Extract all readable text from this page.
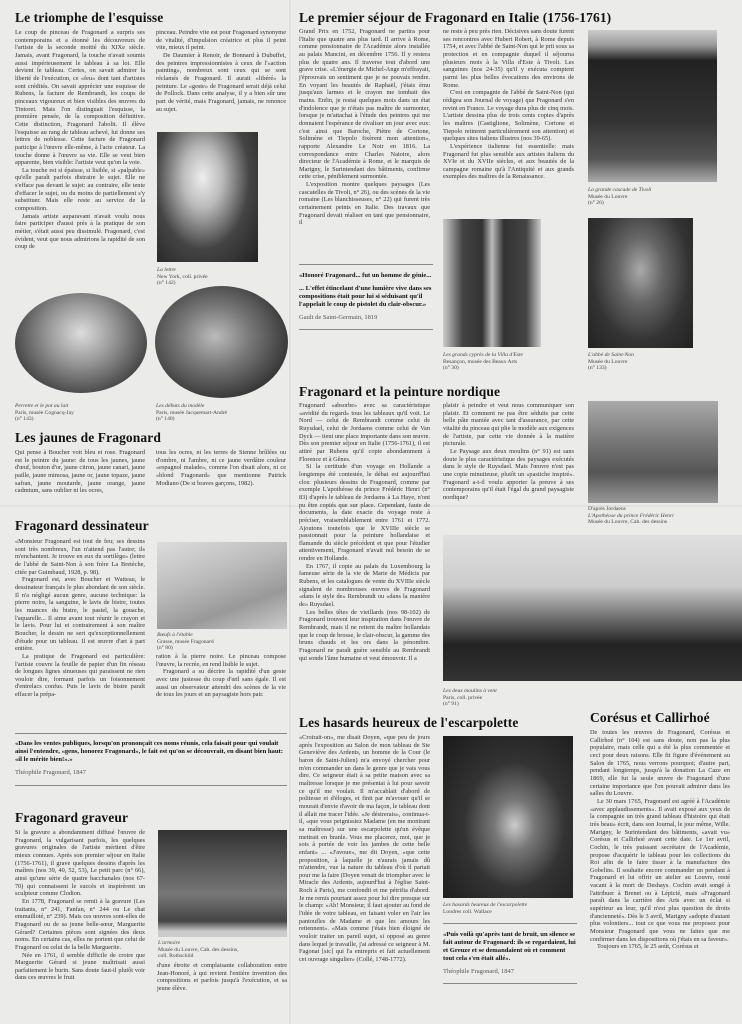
Le triomphe de l'esquisse

Le coup de pinceau de Fragonard a surpris ses contemporains et a étonné les découvreurs de l'artiste de la seconde moitié du XIXe siècle. Jamais, avant Fragonard, la touche n'avait soumis aussi impérieusement le tableau à sa loi. Elle devient le tableau. Certes, on savait admirer la liberté de l'exécution, ce «feu» dont tant d'artistes sont crédités. On savait apprécier une esquisse de Rubens, la facture de Rembrandt, les coups de pinceaux vigoureux et bien visibles des œuvres du Tintoret. Mais l'on distinguait l'esquisse, la première pensée, de la composition définitive. Cette distinction, Fragonard l'abolit. Il élève l'esquisse au rang de tableau achevé, lui donne ses lettres de noblesse. Cette facture de Fragonard participe à l'œuvre elle-même, à l'acte créateur. La touche donne à l'œuvre sa vie. Elle se veut bien apparente, bien visible: l'artiste veut qu'on la voie.

La touche est si épaisse, si lisible, si «palpable» qu'elle paraît parfois distraire le sujet. Elle ne s'efface pas devant le sujet: au contraire, elle tente d'effacer le sujet, ou du moins de partiellement s'y substituer. Mais elle reste au service de la composition.

Jamais artiste auparavant n'avait voulu nous faire participer d'aussi près à la pratique de son métier, s'était aussi peu dissimulé. Fragonard, c'est évident, veut que nous admirions la rapidité de son coup de

pinceau. Peindre vite est pour Fragonard synonyme de vitalité, d'impulsion créatrice et plus il peint vite, mieux il peint.

De Daumier à Renoir, de Bonnard à Dubuffet, des peintres impressionnistes à ceux de l'«action painting», nombreux sont ceux qui se sont réclamés de Fragonard. Il aurait «libéré» la peinture. Le «geste» de Fragonard serait déjà celui de Pollock. Dans cette analyse, il y a bien sûr une part de vérité, mais Fragonard, jamais, ne renonce au sujet.

La lettre
New York, coll. privée
(n° 142)
Perrette et le pot au lait
Paris, musée Cognacq-Jay
(n° 143)
Les débuts du modèle
Paris, musée Jacquemart-André
(n° 140)
Les jaunes de Fragonard

Qui pense à Boucher voit bleu et rose. Fragonard est le peintre du jaune: de tous les jaunes, jaune d'œuf, bouton d'or, jaune citron, jaune canari, jaune paille, jaune mimosa, jaune or, jaune topaze, jaune safran, jaune moutarde, jaune orange, jaune cadmium, sans oublier ni les ocres,

tous les ocres, ni les terres de Sienne brûlées ou d'ombre, ni l'ambre, ni ce jaune verdâtre couleur «espagnol malade», comme l'on disait alors, ni ce «blond Fragonard» que mentionne Patrick Modiano (De si braves garçons, 1982).

Fragonard dessinateur

«Monsieur Fragonard est tout de feu; ses dessins sont très nombreux, l'un n'attend pas l'autre; ils m'enchantent. Je trouve en eux du sortilège» (lettre de l'abbé de Saint-Non à son frère La Bretèche, citée par Guimbaud, 1928, p. 98).

Fragonard est, avec Boucher et Watteau, le dessinateur français le plus abondant de son siècle. Il n'a négligé aucun genre, aucune technique: la pierre noire, la sanguine, le lavis de bistre, toutes les nuances du bistre, le pastel, la gouache, l'aquarelle... Il aime avant tout réunir le crayon et le lavis. Pour lui et contrairement à son maître Boucher, le dessin ne sert qu'exceptionnellement d'étude pour un tableau. Il est œuvre d'art à part entière.

La pratique de Fragonard est particulière: l'artiste couvre la feuille de papier d'un fin réseau de longues lignes sinueuses qui paraissent ne rien vouloir dire, formant parfois un foisonnement d'entrelacs confus. Puis le lavis de bistre paraît effacer la prépa-

Bœufs à l'étable
Grasse, musée Fragonard
(n° 80)

ration à la pierre noire. Le pinceau compose l'œuvre, la recrée, en rend lisible le sujet.

Fragonard a su décrire la rapidité d'un geste avec une justesse du coup d'œil sans égale. Il est aussi un observateur attendri des scènes de la vie de tous les jours et un paysagiste hors pair.

«Dans les ventes publiques, lorsqu'on prononçait ces noms réunis, cela faisait pour qui voulait ainsi l'entendre, «gens, honorez Fragonard», le fait est qu'on se découvrait, en disant bien haut: «il le mérite bien!».»

Théophile Fragonard, 1847
Fragonard graveur

Si la gravure a abondamment diffusé l'œuvre de Fragonard, la vulgarisant parfois, les quelques gravures originales de l'artiste méritent d'être mieux connues. Après son premier séjour en Italie (1756-1761), il grave quelques dessins d'après les maîtres (nos 39, 40, 52, 53), Le petit parc (n° 66), ainsi qu'une série de quatre bacchanales (nos 67-70) qui connaissent le succès et inspirèrent un sculpteur comme Clodion.

En 1778, Fragonard se remit à la gravure (Les traitants, n° 241, Fanfan, n° 244 ou Le chat emmailloté, n° 239). Mais ces œuvres sont-elles de Fragonard ou de sa jeune belle-sœur, Marguerite Gérard? Certaines pièces sont signées des deux noms. En certains cas, elles ne portent que celui de Fragonard ou celui de la belle Marguerite.

Née en 1761, il semble difficile de croire que Marguerite Gérard si jeune maîtrisait aussi parfaitement le burin. Sans doute faut-il plutôt voir dans ces œuvres le fruit

L'armoire
Musée du Louvre, Cab. des dessins,
coll. Rothschild

d'une étroite et complaisante collaboration entre Jean-Honoré, à qui revient l'entière invention des compositions et parfois jusqu'à l'exécution, et sa jeune élève.

Le premier séjour de Fragonard en Italie (1756-1761)

Grand Prix en 1752, Fragonard ne partira pour l'Italie que quatre ans plus tard. Il arrive à Rome, comme pensionnaire de l'Académie alors installée au palais Mancini, en décembre 1756. Il y restera plus de quatre ans. Il traverse tout d'abord une grave crise. «L'énergie de Michel-Ange m'effrayait, j'éprouvais un sentiment que je ne pouvais rendre. En voyant les beautés de Raphaël, j'étais ému jusqu'aux larmes et le crayon me tombait des mains. Enfin, je restai quelques mois dans un état d'indolence que je n'étais pas maître de surmonter, lorsque je m'attachai à l'étude des peintres qui me donnaient l'espérance de rivaliser un jour avec eux: c'est ainsi que Baroche, Piètre de Cortone, Solimène et Tiepolo fixèrent mon attention», rapporte Alexandre Le Noir en 1816. La correspondance entre Charles Natoire, alors directeur de l'Académie à Rome, et le marquis de Marigny, le Surintendant des bâtiments, confirme cette crise, péniblement surmontée.

L'exposition montre quelques paysages (Les cascatelles de Tivoli, n° 26), ou des scènes de la vie romaine (Les blanchisseuses, n° 22) qui furent très certainement peints en Italie. Des travaux que Fragonard devait réaliser en tant que pensionnaire, il

ne reste à peu près rien. Décisives sans doute furent ses rencontres avec Hubert Robert, à Rome depuis 1754, et avec l'abbé de Saint-Non qui le prit sous sa protection et en compagnie duquel il séjourna plusieurs mois à la Villa d'Este à Tivoli. Les sanguines (nos 24-35) qu'il y exécuta comptent parmi les plus belles évocations des environs de Rome.

C'est en compagnie de l'abbé de Saint-Non (qui rédigea son Journal de voyage) que Fragonard s'en revint en France. Le voyage dura plus de cinq mois. L'artiste dessina plus de trois cents copies d'après les maîtres (Castiglione, Solimène, Cortone et Tiepolo retinrent particulièrement son attention) et quelques sites italiens illustres (nos 39-65).

L'expérience italienne fut essentielle: mais Fragonard fut plus sensible aux artistes italiens du XVIe et du XVIIe siècles, et aux beautés de la campagne romaine qu'à l'Antiquité et aux grands exemples des maîtres de la Renaissance.

«Honoré Fragonard... fut un homme de génie...

... L'effet étincelant d'une lumière vive dans ses compositions était pour lui si séduisant qu'il l'appelait le coup de pistolet du clair-obscur.»

Gault de Saint-Germain, 1819
Les grands cyprès de la Villa d'Este
Besançon, musée des Beaux Arts
(n° 30)
La grande cascade de Tivoli
Musée du Louvre
(n° 26)
L'abbé de Saint-Non
Musée du Louvre
(n° 133)
Fragonard et la peinture nordique

Fragonard «absorbe» avec sa caractéristique «avidité du regard» tous les tableaux qu'il voit. Le Nord — celui de Rembrandt comme celui de Ruysdael, celui de Jordaens comme celui de Van Dyck — tient une place importante dans son œuvre. Dès son premier séjour en Italie (1756-1761), il est attiré par Rubens qu'il copie abondamment à Florence et à Gênes.

Si la certitude d'un voyage en Hollande a longtemps été contestée, le débat est aujourd'hui clos: plusieurs dessins de Fragonard, comme par exemple L'apothéose du prince Frédéric Henri (n° 83) d'après le tableau de Jordaens à La Haye, n'ont pu être copiés que sur place. Cependant, faute de documents, la date exacte du voyage reste à préciser, vraisemblablement entre 1761 et 1772. Ajoutons toutefois que le XVIIIe siècle se passionnait pour la peinture hollandaise et flamande du siècle précédent et que pour l'étudier attentivement, Fragonard n'avait nul besoin de se rendre en Hollande.

En 1767, il copie au palais du Luxembourg la fameuse série de la vie de Marie de Médicis par Rubens, et les catalogues de vente du XVIIIe siècle signalent de nombreuses œuvres de Fragonard «dans le style de» Rembrandt ou «dans la manière de» Ruysdael.

Les belles têtes de vieillards (nos 98-102) de Fragonard trouvent leur inspiration dans l'œuvre de Rembrandt, mais il ne retient du maître hollandais que le coup de brosse, le clair-obscur, la gamme des bruns chauds et les ors dans la pénombre. Fragonard ne paraît guère sensible au Rembrandt qui sonde l'âme humaine et veut émouvoir. Il a

plaisir à peindre et veut nous communiquer son plaisir. Et comment ne pas être séduits par cette belle pâte maniée avec tant d'assurance, par cette vitalité du pinceau qui plie le modèle aux exigences de l'artiste, par cette vie donnée à la matière picturale.

Le Paysage aux deux moulins (n° 91) est sans doute le plus caractéristique des paysages exécutés dans le style de Ruysdael. Mais l'œuvre n'est pas une copie minutieuse, plutôt un «pastiche inspiré». Fragonard a-t-il voulu apporter la preuve à ses contemporains qu'il était l'égal du grand paysagiste nordique?

D'après Jordaens
L'Apothéose du prince Frédéric Henri
Musée du Louvre, Cab. des dessins
Les deux moulins à vent
Paris, coll. privée
(n° 91)
Les hasards heureux de l'escarpolette

«Croirait-on», me disait Doyen, «que peu de jours après l'exposition au Salon de mon tableau de Ste Geneviève des Ardents, un homme de la Cour (le baron de Saint-Julien) m'a envoyé chercher pour m'en commander un dans le genre que je vais vous dire. Ce seigneur était à sa petite maison avec sa maîtresse lorsque je me présentai à lui pour savoir ce qu'il me voulait. Il m'accablait d'abord de politesse et d'éloges, et finit par m'avouer qu'il se mourait d'envie d'avoir de ma façon, le tableau dont il allait me tracer l'idée. «Je désirerais», continua-t-il, «que vous peignissiez Madame (en me montrant sa maîtresse) sur une escarpolette qu'un évêque mettrait en branle. Vous me placerez, moi, que je sois à portée de voir les jambes de cette belle enfant» ... «J'avoue», me dit Doyen, «que cette proposition, à laquelle je n'aurais jamais dû m'attendre, vue la nature du tableau d'où il partait pour me la faire (Doyen venait de triompher avec le Miracle des Ardents, aujourd'hui à l'église Saint-Roch à Paris), me confondit et me pétrifia d'abord. Je me remis pourtant assez pour lui dire presque sur le champ: «Ah! Monsieur, il faut ajouter au fond de l'idée de votre tableau, en faisant voler en l'air les pantoufles de Madame et que les amours les retiennent». «Mais comme j'étais bien éloigné de vouloir traiter un pareil sujet, si opposé au genre dans lequel je travaille, j'ai adressé ce seigneur à M. Fagonat [sic] qui l'a entrepris et fait actuellement cet ouvrage singulier» (Collé, 1748-1772).

Les hasards heureux de l'escarpolette
Londres coll. Wallace

«Puis voilà qu'après tant de bruit, un silence se fait autour de Fragonard: ils se regardaient, lui et Greuze et se demandaient où et comment tout cela s'en était allé».

Théophile Fragonard, 1847
Corésus et Callirhoé

De toutes les œuvres de Fragonard, Corésus et Callirhoé (n° 104) est sans doute, non pas la plus populaire, mais celle qui a été la plus commentée et ceci pour deux raisons. Elle fit figure d'événement au Salon de 1765, nous verrons pourquoi; d'autre part, pendant longtemps, jusqu'à la donation La Caze en 1869, elle fut la seule œuvre de Fragonard d'une certaine importance que l'on pouvait admirer dans les salles du Louvre.

Le 30 mars 1765, Fragonard est agréé à l'Académie «avec applaudissements». Il avait exposé aux yeux de la compagnie un très grand tableau d'histoire qui était très beau» écrit, dans son Journal, le jour même, Wille. Marigny, le Surintendant des bâtiments, «avait vu» Corésus et Callirhoé avant cette date. Le 1er avril, Cochin, le très puissant secrétaire de l'Académie, propose d'acquérir le tableau pour les collections du Roi afin de le faire tisser à la manufacture des Gobelins. Il souhaite encore commander un pendant à Fragonard et lui offrir un atelier au Louvre, resté vacant à la mort de Deshays. Cochin avait songé à l'attribuer à Brenet ou à Lépicié, mais «Fragonard paraît dans la carrière des Arts avec un éclat si supérieur au leur, qu'il n'est plus question de droits d'ancienneté». Dès le 3 avril, Marigny «adopte d'autant plus volontiers... tout ce que vous me proposez pour Monsieur Fragonard que vous ne faites que me confirmer dans les dispositions où j'étais en sa faveur».

Toujours en 1765, le 25 août, Corésus et
